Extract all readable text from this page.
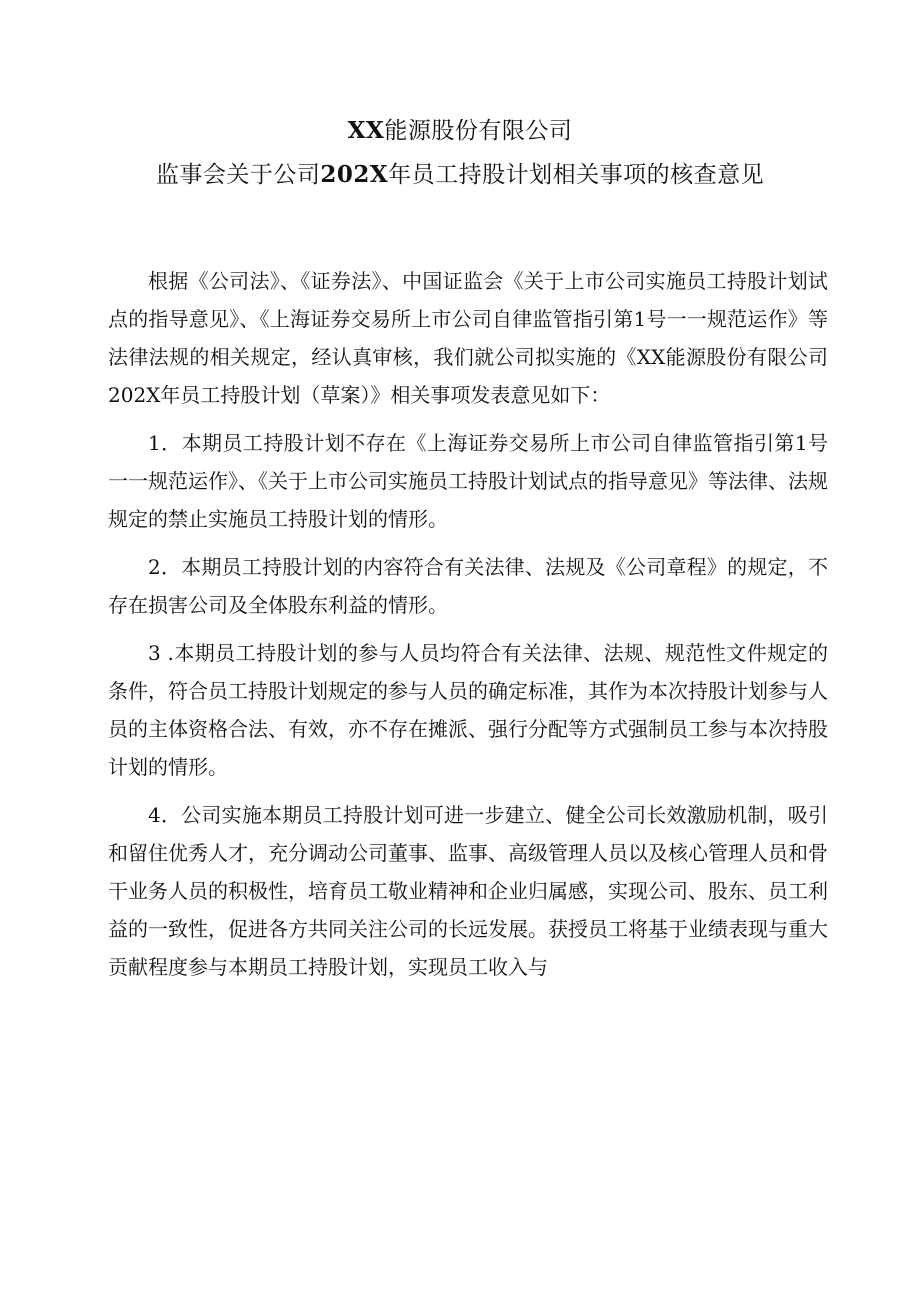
XX能源股份有限公司
监事会关于公司202X年员工持股计划相关事项的核查意见

根据《公司法》、《证券法》、中国证监会《关于上市公司实施员工持股计划试点的指导意见》、《上海证券交易所上市公司自律监管指引第1号一一规范运作》等法律法规的相关规定，经认真审核，我们就公司拟实施的《XX能源股份有限公司202X年员工持股计划（草案）》相关事项发表意见如下：

1．本期员工持股计划不存在《上海证券交易所上市公司自律监管指引第1号一一规范运作》、《关于上市公司实施员工持股计划试点的指导意见》等法律、法规规定的禁止实施员工持股计划的情形。

2．本期员工持股计划的内容符合有关法律、法规及《公司章程》的规定，不存在损害公司及全体股东利益的情形。

3 .本期员工持股计划的参与人员均符合有关法律、法规、规范性文件规定的条件，符合员工持股计划规定的参与人员的确定标准，其作为本次持股计划参与人员的主体资格合法、有效，亦不存在摊派、强行分配等方式强制员工参与本次持股计划的情形。

4．公司实施本期员工持股计划可进一步建立、健全公司长效激励机制，吸引和留住优秀人才，充分调动公司董事、监事、高级管理人员以及核心管理人员和骨干业务人员的积极性，培育员工敬业精神和企业归属感，实现公司、股东、员工利益的一致性，促进各方共同关注公司的长远发展。获授员工将基于业绩表现与重大贡献程度参与本期员工持股计划，实现员工收入与
